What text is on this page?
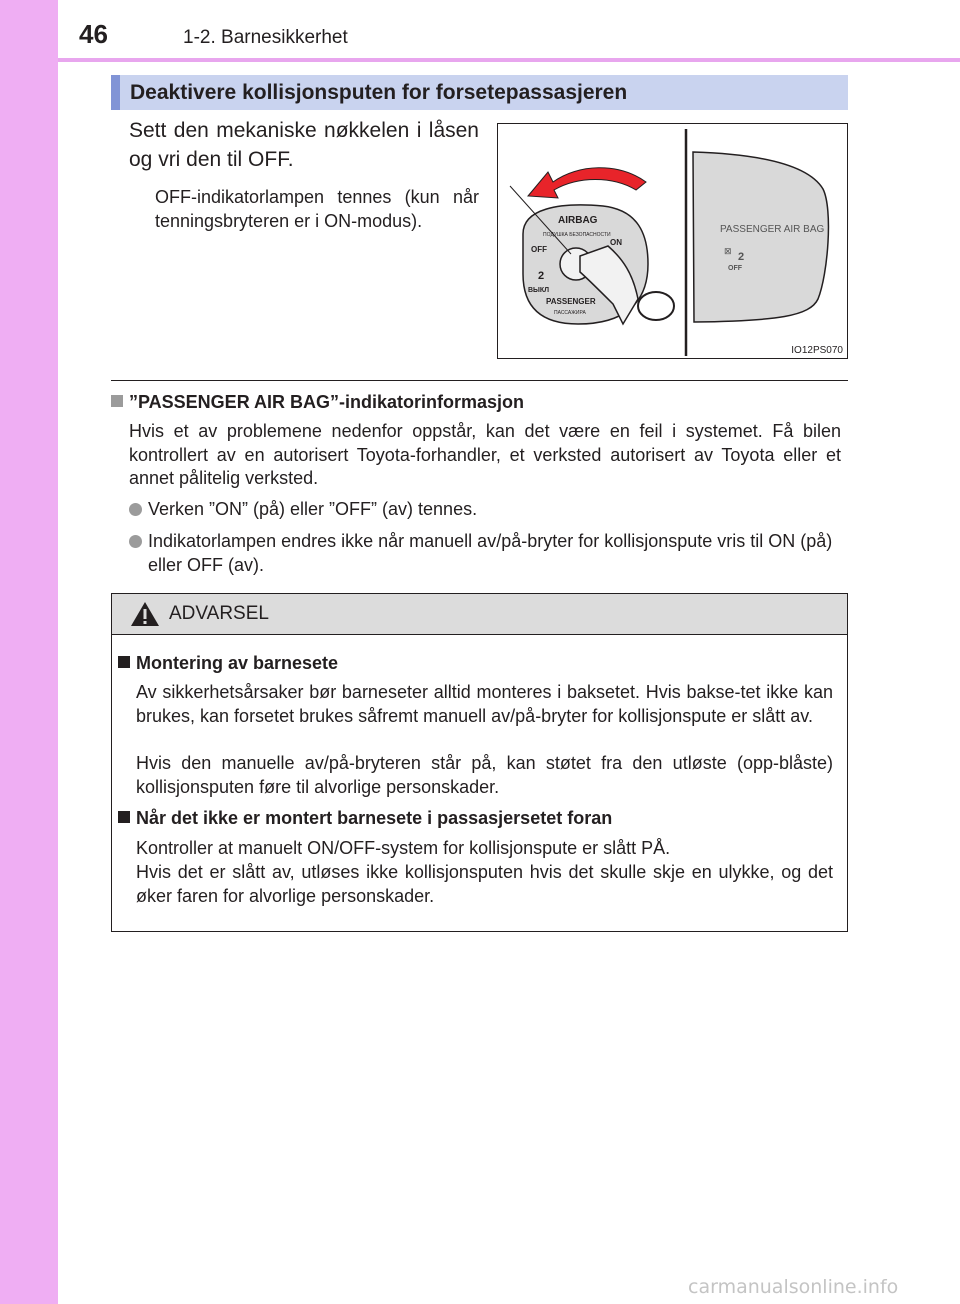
46	1-2. Barnesikkerhet
Deaktivere kollisjonsputen for forsetepassasjeren
Sett den mekaniske nøkkelen i låsen og vri den til OFF.
OFF-indikatorlampen tennes (kun når tenningsbryteren er i ON-modus).	PASSENGER AIR BAG
⊠ 2
OFF
AIRBAG
ПОДУШКА БЕЗОПАСНОСТИ
OFF
ON
2
ВЫКЛ
PASSENGER
ПАССАЖИРА
IO12PS070
”PASSENGER AIR BAG”-indikatorinformasjon
Hvis et av problemene nedenfor oppstår, kan det være en feil i systemet. Få bilen kontrollert av en autorisert Toyota-forhandler, et verksted autorisert av Toyota eller et annet pålitelig verksted.
Verken ”ON” (på) eller ”OFF” (av) tennes.
Indikatorlampen endres ikke når manuell av/på-bryter for kollisjonspute vris til ON (på) eller OFF (av).
ADVARSEL
Montering av barnesete
Av sikkerhetsårsaker bør barneseter alltid monteres i baksetet. Hvis bakse-tet ikke kan brukes, kan forsetet brukes såfremt manuell av/på-bryter for kollisjonspute er slått av.
Hvis den manuelle av/på-bryteren står på, kan støtet fra den utløste (opp-blåste) kollisjonsputen føre til alvorlige personskader.
Når det ikke er montert barnesete i passasjersetet foran
Kontroller at manuelt ON/OFF-system for kollisjonspute er slått PÅ.
Hvis det er slått av, utløses ikke kollisjonsputen hvis det skulle skje en ulykke, og det øker faren for alvorlige personskader.
carmanualsonline.info
